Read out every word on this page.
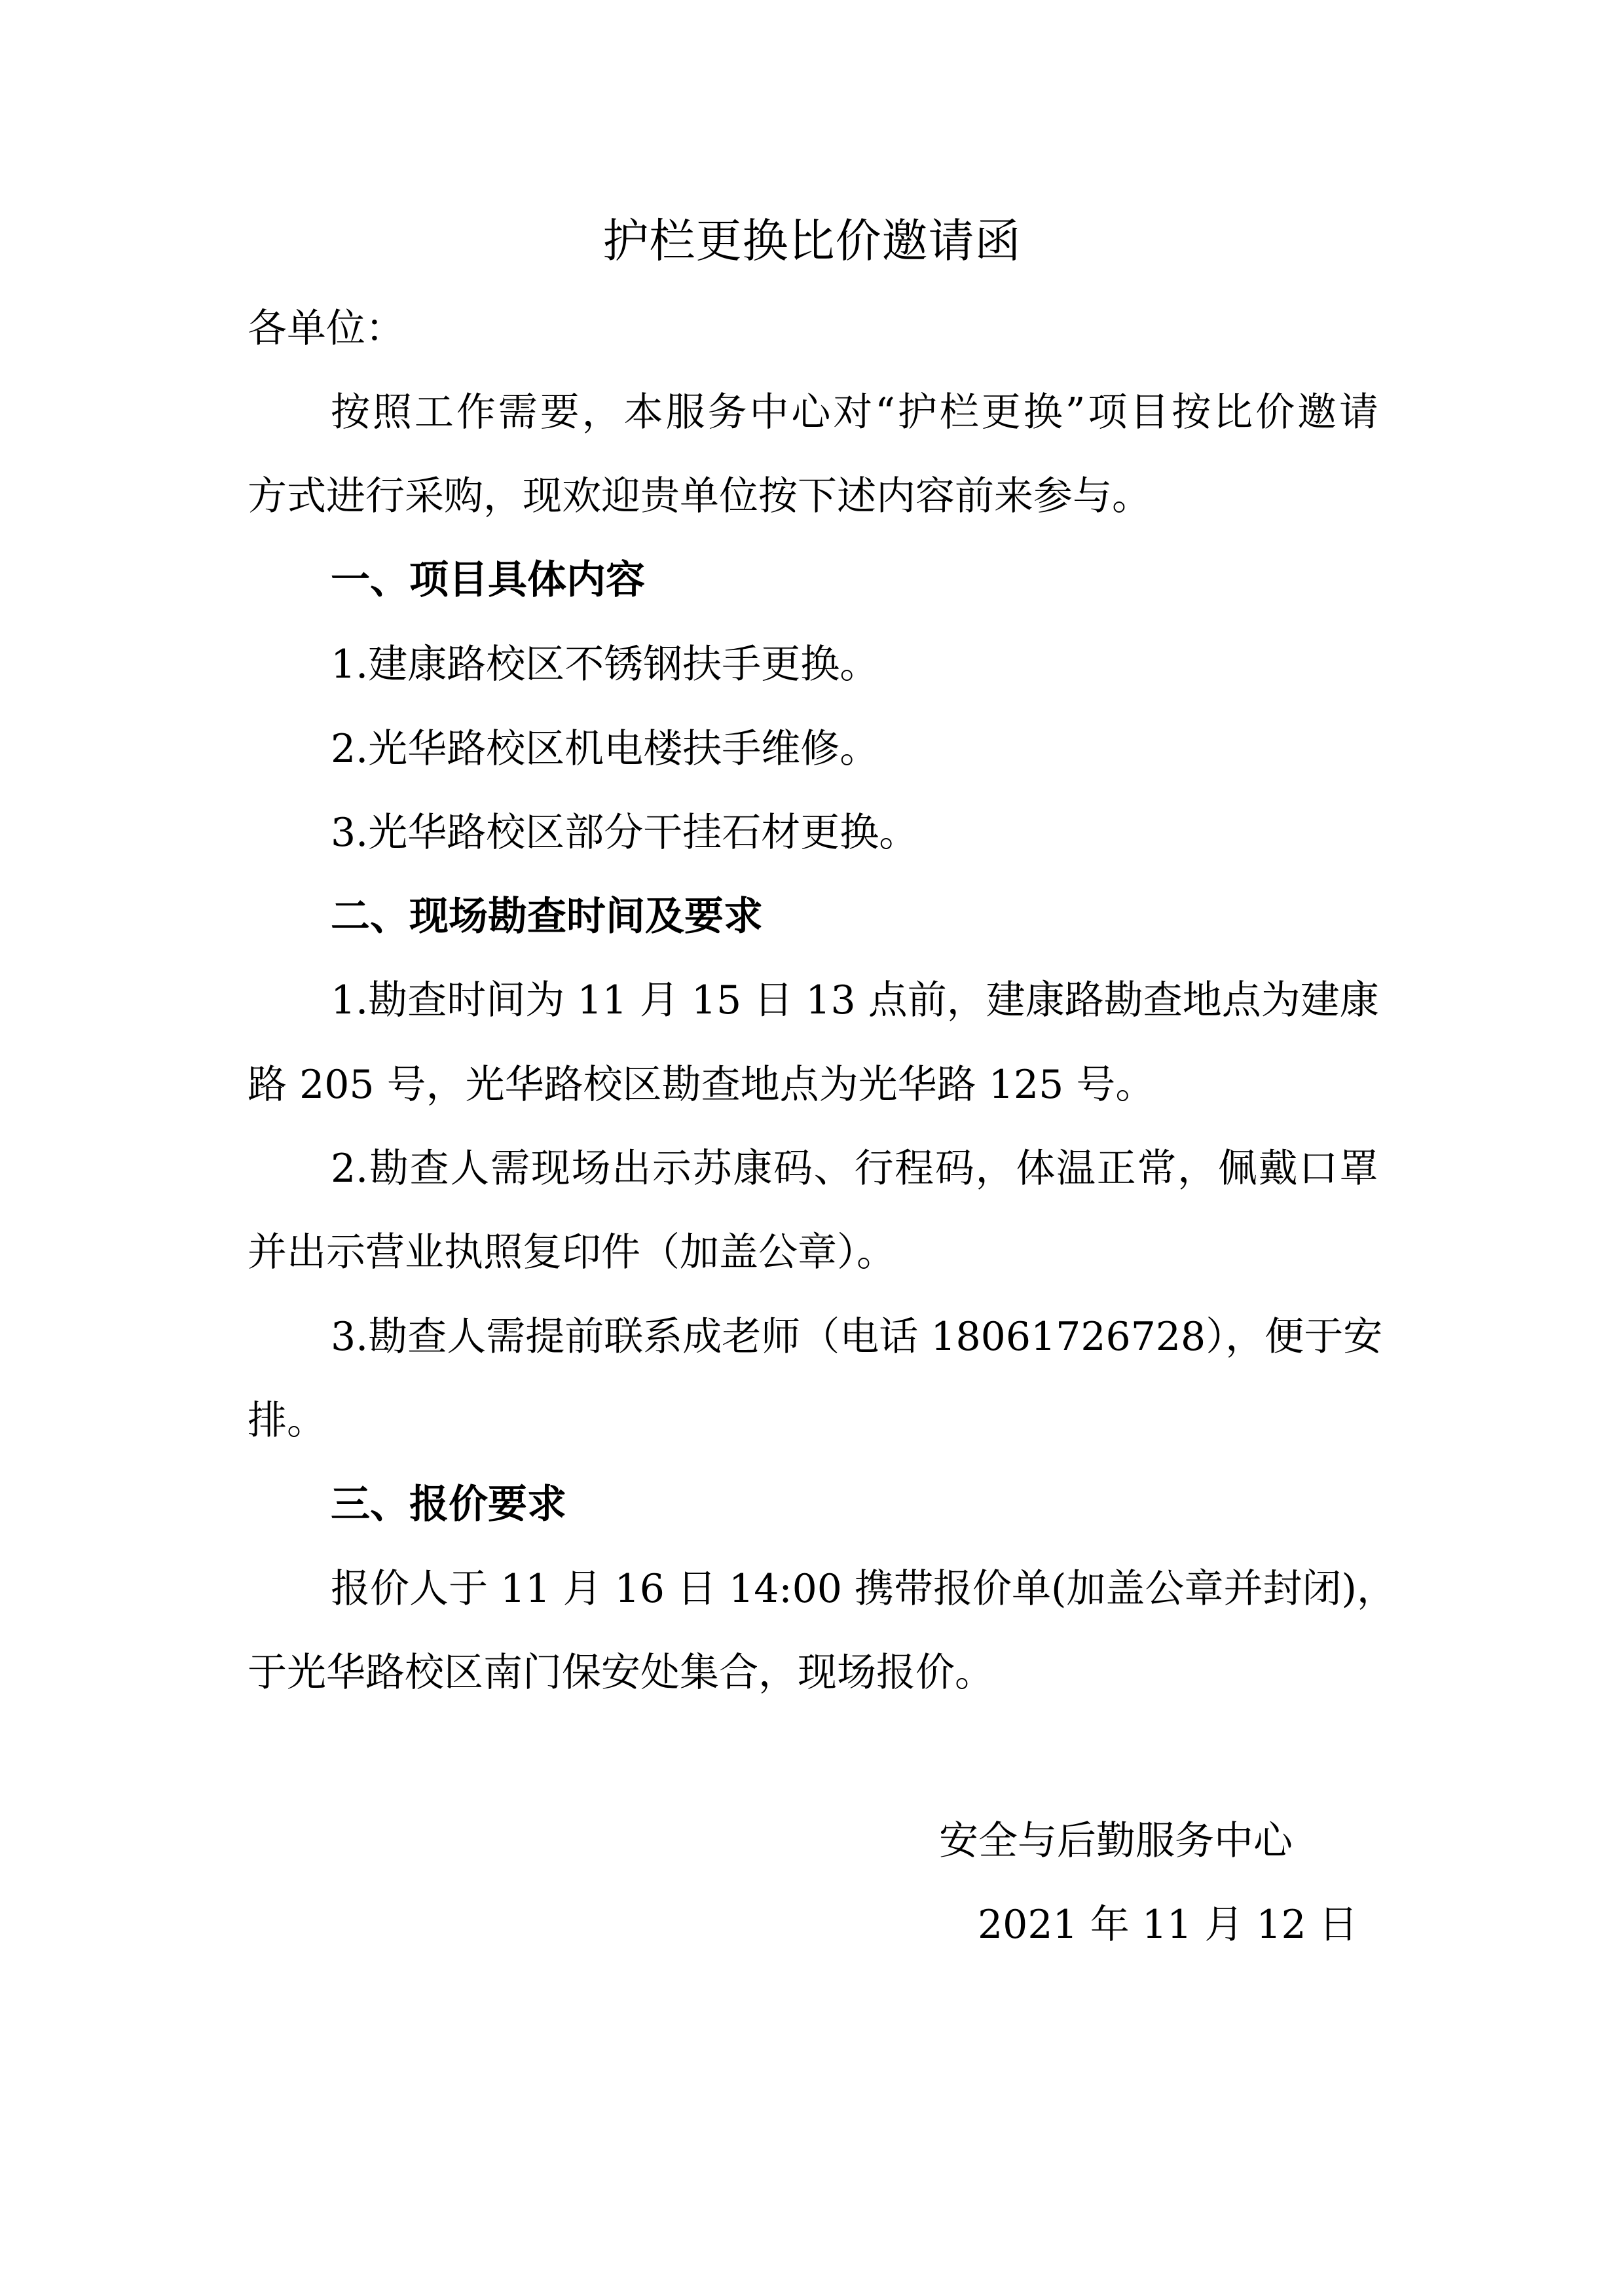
护栏更换比价邀请函
各单位：
按照工作需要，本服务中心对“护栏更换”项目按比价邀请
方式进行采购，现欢迎贵单位按下述内容前来参与。
一、项目具体内容
1.建康路校区不锈钢扶手更换。
2.光华路校区机电楼扶手维修。
3.光华路校区部分干挂石材更换。
二、现场勘查时间及要求
1.勘查时间为 11 月 15 日 13 点前，建康路勘查地点为建康
路 205 号，光华路校区勘查地点为光华路 125 号。
2.勘查人需现场出示苏康码、行程码，体温正常，佩戴口罩
并出示营业执照复印件（加盖公章）。
3.勘查人需提前联系成老师（电话 18061726728），便于安
排。
三、报价要求
报价人于 11 月 16 日 14:00 携带报价单(加盖公章并封闭)，
于光华路校区南门保安处集合，现场报价。
安全与后勤服务中心
2021 年 11 月 12 日
